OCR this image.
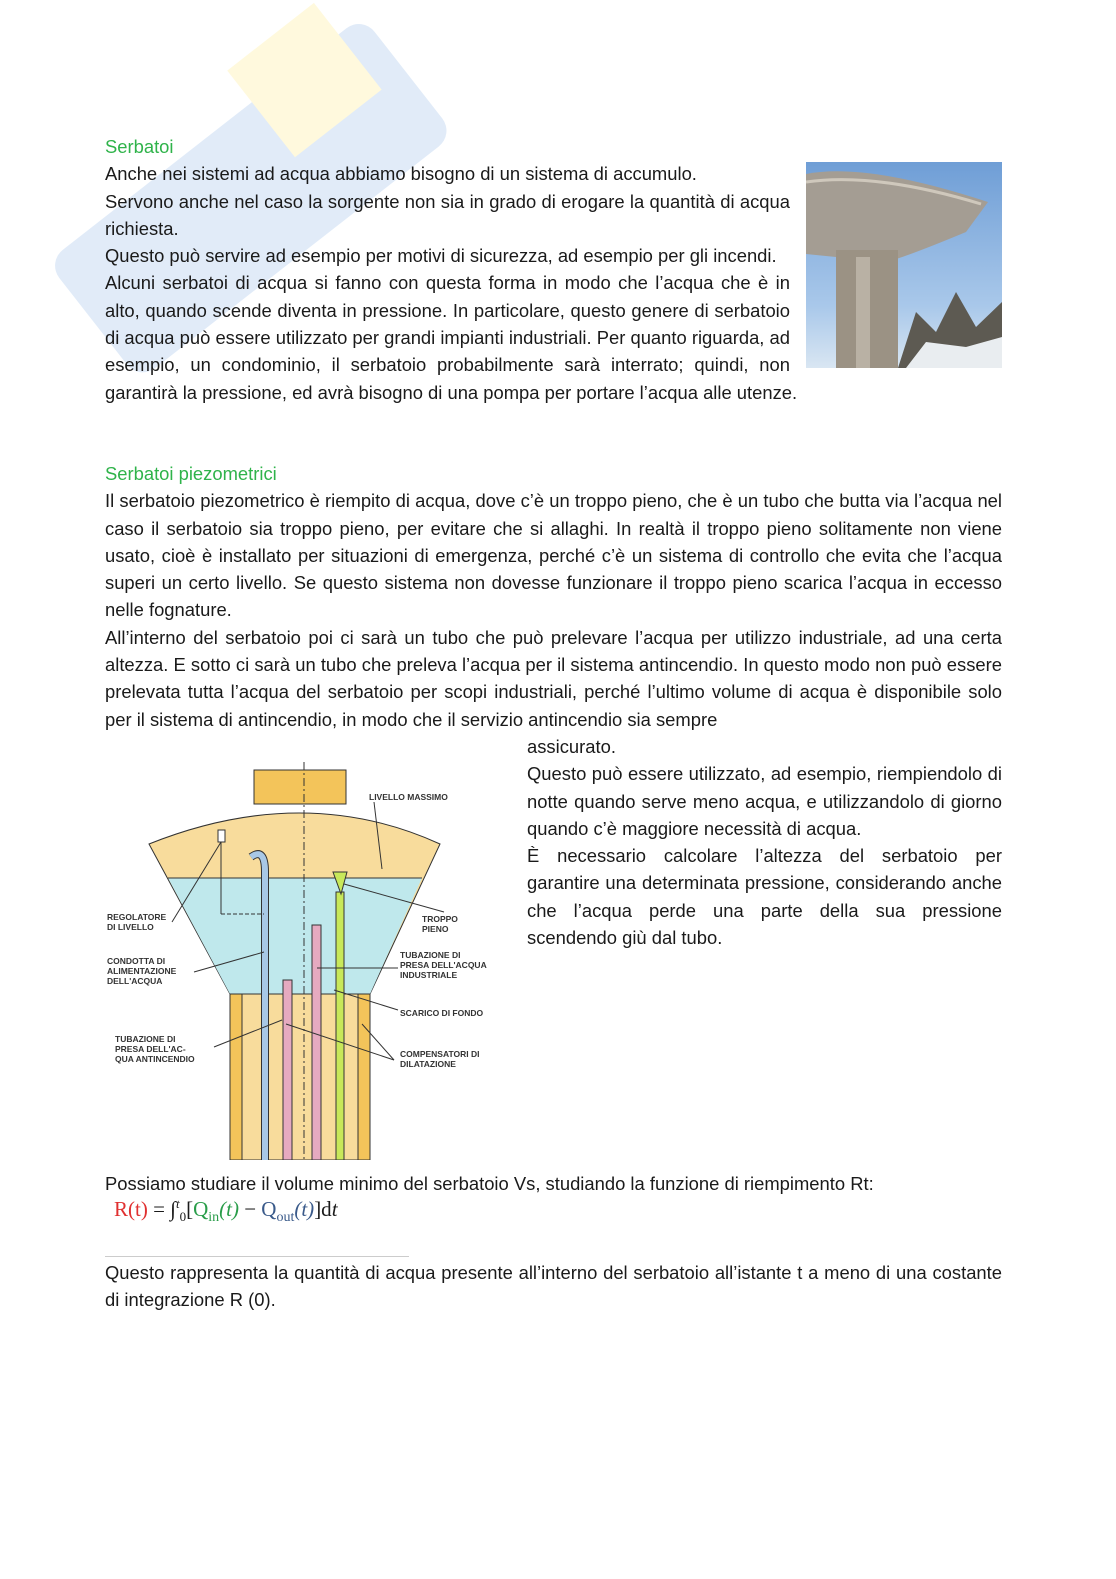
Serbatoi

Anche nei sistemi ad acqua abbiamo bisogno di un sistema di accumulo.

Servono anche nel caso la sorgente non sia in grado di erogare la quantità di acqua richiesta.

Questo può servire ad esempio per motivi di sicurezza, ad esempio per gli incendi.

Alcuni serbatoi di acqua si fanno con questa forma in modo che l’acqua che è in alto, quando scende diventa in pressione. In particolare, questo genere di serbatoio di acqua può essere utilizzato per grandi impianti industriali. Per quanto riguarda, ad esempio, un condominio, il serbatoio probabilmente sarà interrato; quindi, non garantirà la pressione, ed avrà bisogno di una pompa per portare l’acqua alle utenze.

Serbatoi piezometrici

Il serbatoio piezometrico è riempito di acqua, dove c’è un troppo pieno, che è un tubo che butta via l’acqua nel caso il serbatoio sia troppo pieno, per evitare che si allaghi. In realtà il troppo pieno solitamente non viene usato, cioè è installato per situazioni di emergenza, perché c’è un sistema di controllo che evita che l’acqua superi un certo livello. Se questo sistema non dovesse funzionare il troppo pieno scarica l’acqua in eccesso nelle fognature.

All’interno del serbatoio poi ci sarà un tubo che può prelevare l’acqua per utilizzo industriale, ad una certa altezza. E sotto ci sarà un tubo che preleva l’acqua per il sistema antincendio. In questo modo non può essere prelevata tutta l’acqua del serbatoio per scopi industriali, perché l’ultimo volume di acqua è disponibile solo per il sistema di antincendio, in modo che il servizio antincendio sia sempre

assicurato.

Questo può essere utilizzato, ad esempio, riempiendolo di notte quando serve meno acqua, e utilizzandolo di giorno quando c’è maggiore necessità di acqua.

È necessario calcolare l’altezza del serbatoio per garantire una determinata pressione, considerando anche che l’acqua perde una parte della sua pressione scendendo giù dal tubo.

LIVELLO MASSIMO
REGOLATORE
DI LIVELLO
CONDOTTA DI
ALIMENTAZIONE
DELL'ACQUA
TUBAZIONE DI
PRESA DELL'AC-
QUA ANTINCENDIO
TROPPO
PIENO
TUBAZIONE DI
PRESA DELL'ACQUA
INDUSTRIALE
SCARICO DI FONDO
COMPENSATORI DI
DILATAZIONE
Possiamo studiare il volume minimo del serbatoio Vs, studiando la funzione di riempimento Rt:
$R(t) = \int^t_0[Q_{in}(t) - Q_{out}(t)]dt$
Questo rappresenta la quantità di acqua presente all’interno del serbatoio all’istante t a meno di una costante di integrazione R (0).
